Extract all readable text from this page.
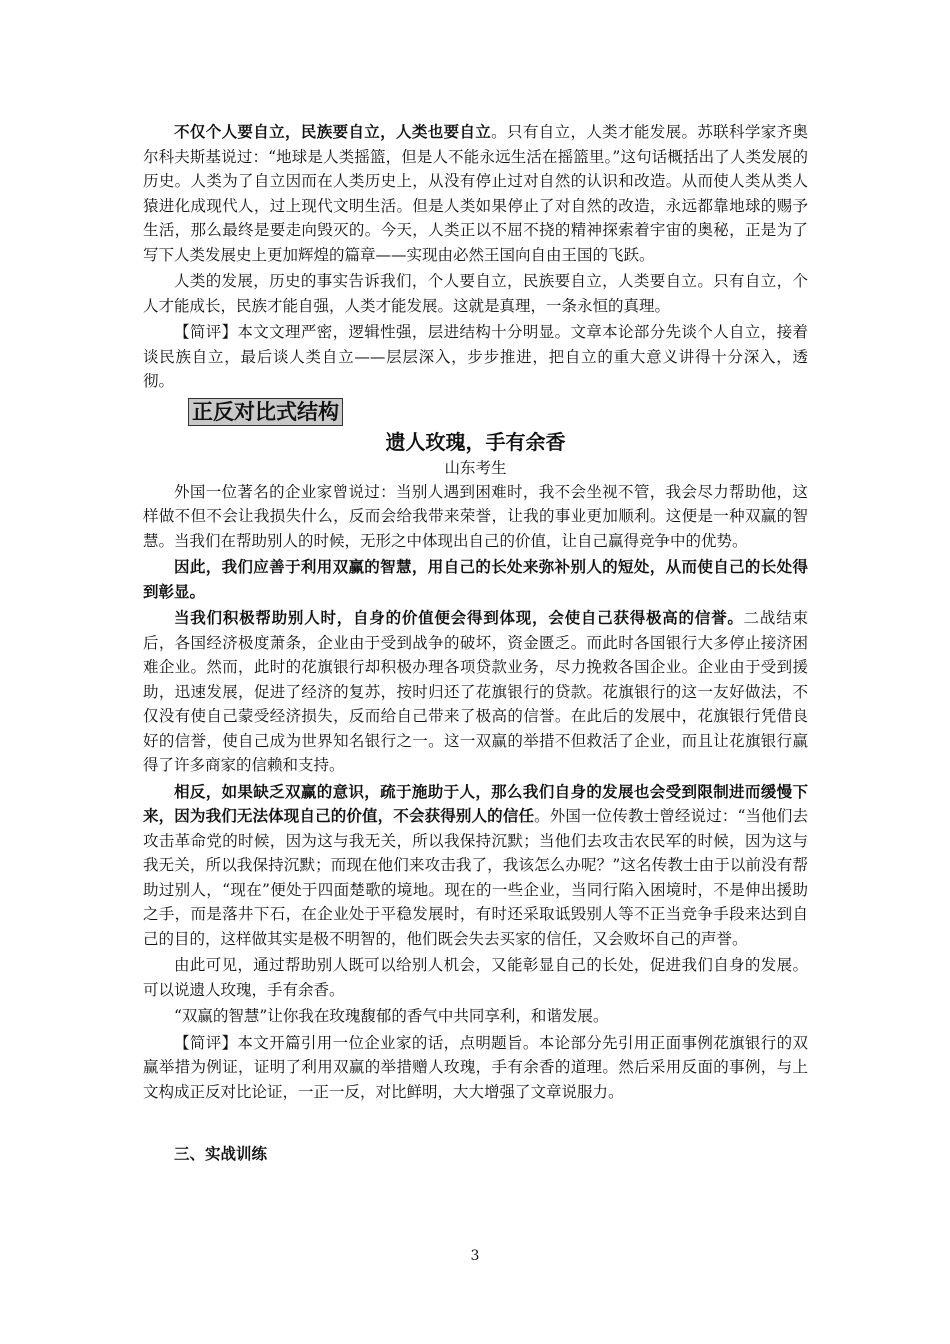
不仅个人要自立，民族要自立，人类也要自立。只有自立，人类才能发展。苏联科学家齐奥尔科夫斯基说过：“地球是人类摇篮，但是人不能永远生活在摇篮里。”这句话概括出了人类发展的历史。人类为了自立因而在人类历史上，从没有停止过对自然的认识和改造。从而使人类从类人猿进化成现代人，过上现代文明生活。但是人类如果停止了对自然的改造，永远都靠地球的赐予生活，那么最终是要走向毁灭的。今天，人类正以不屈不挠的精神探索着宇宙的奥秘，正是为了写下人类发展史上更加辉煌的篇章——实现由必然王国向自由王国的飞跃。

人类的发展，历史的事实告诉我们，个人要自立，民族要自立，人类要自立。只有自立，个人才能成长，民族才能自强，人类才能发展。这就是真理，一条永恒的真理。

【简评】本文文理严密，逻辑性强，层进结构十分明显。文章本论部分先谈个人自立，接着谈民族自立，最后谈人类自立——层层深入，步步推进，把自立的重大意义讲得十分深入，透彻。

正反对比式结构
遗人玫瑰，手有余香
山东考生

外国一位著名的企业家曾说过：当别人遇到困难时，我不会坐视不管，我会尽力帮助他，这样做不但不会让我损失什么，反而会给我带来荣誉，让我的事业更加顺利。这便是一种双赢的智慧。当我们在帮助别人的时候，无形之中体现出自己的价值，让自己赢得竞争中的优势。

因此，我们应善于利用双赢的智慧，用自己的长处来弥补别人的短处，从而使自己的长处得到彰显。

当我们积极帮助别人时，自身的价值便会得到体现，会使自己获得极高的信誉。二战结束后，各国经济极度萧条，企业由于受到战争的破坏，资金匮乏。而此时各国银行大多停止接济困难企业。然而，此时的花旗银行却积极办理各项贷款业务，尽力挽救各国企业。企业由于受到援助，迅速发展，促进了经济的复苏，按时归还了花旗银行的贷款。花旗银行的这一友好做法，不仅没有使自己蒙受经济损失，反而给自己带来了极高的信誉。在此后的发展中，花旗银行凭借良好的信誉，使自己成为世界知名银行之一。这一双赢的举措不但救活了企业，而且让花旗银行赢得了许多商家的信赖和支持。

相反，如果缺乏双赢的意识，疏于施助于人，那么我们自身的发展也会受到限制进而缓慢下来，因为我们无法体现自己的价值，不会获得别人的信任。外国一位传教士曾经说过：“当他们去攻击革命党的时候，因为这与我无关，所以我保持沉默；当他们去攻击农民军的时候，因为这与我无关，所以我保持沉默；而现在他们来攻击我了，我该怎么办呢？”这名传教士由于以前没有帮助过别人，“现在”便处于四面楚歌的境地。现在的一些企业，当同行陷入困境时，不是伸出援助之手，而是落井下石，在企业处于平稳发展时，有时还采取诋毁别人等不正当竞争手段来达到自己的目的，这样做其实是极不明智的，他们既会失去买家的信任，又会败坏自己的声誉。

由此可见，通过帮助别人既可以给别人机会，又能彰显自己的长处，促进我们自身的发展。可以说遗人玫瑰，手有余香。

“双赢的智慧”让你我在玫瑰馥郁的香气中共同享利，和谐发展。

【简评】本文开篇引用一位企业家的话，点明题旨。本论部分先引用正面事例花旗银行的双赢举措为例证，证明了利用双赢的举措赠人玫瑰，手有余香的道理。然后采用反面的事例，与上文构成正反对比论证，一正一反，对比鲜明，大大增强了文章说服力。

三、实战训练
3
